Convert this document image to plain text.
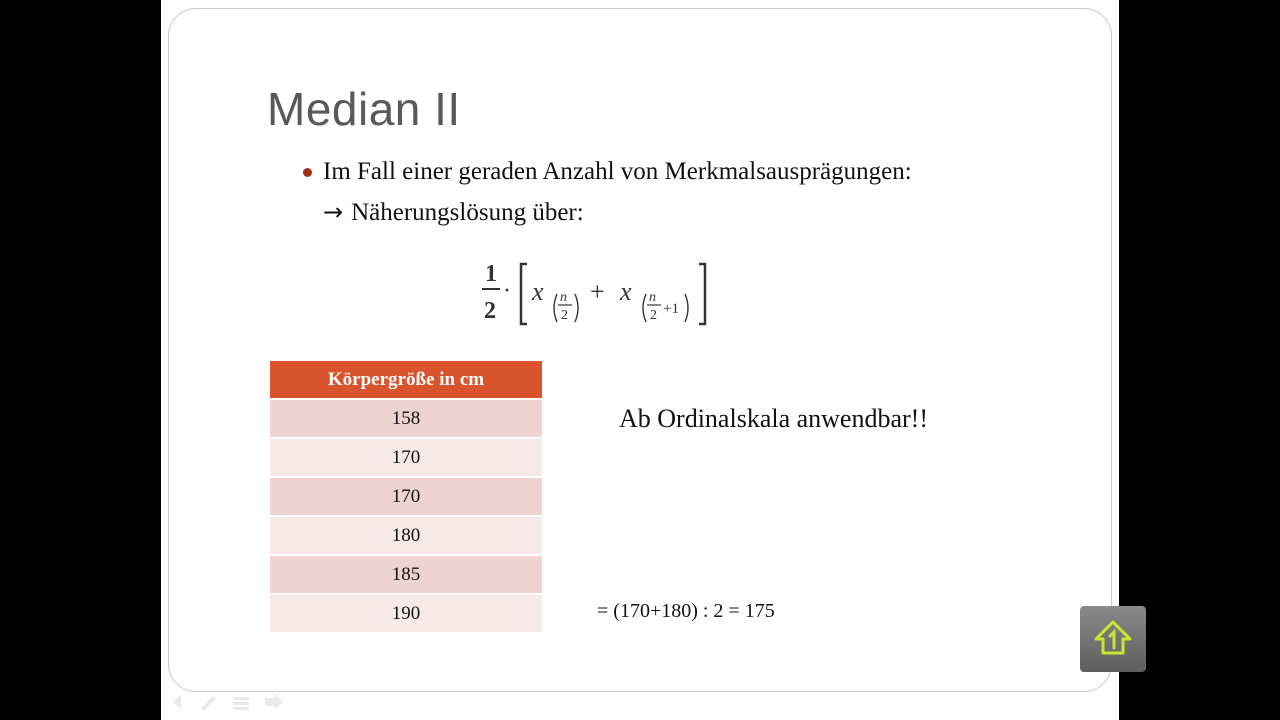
Median II
Im Fall einer geraden Anzahl von Merkmalsausprägungen:
→ Näherungslösung über:
1
2
· x n
2
+ x n
2 +1
Körpergröße in cm
158
170
170
180
185
190
Ab Ordinalskala anwendbar!!
= (170+180) : 2 = 175
